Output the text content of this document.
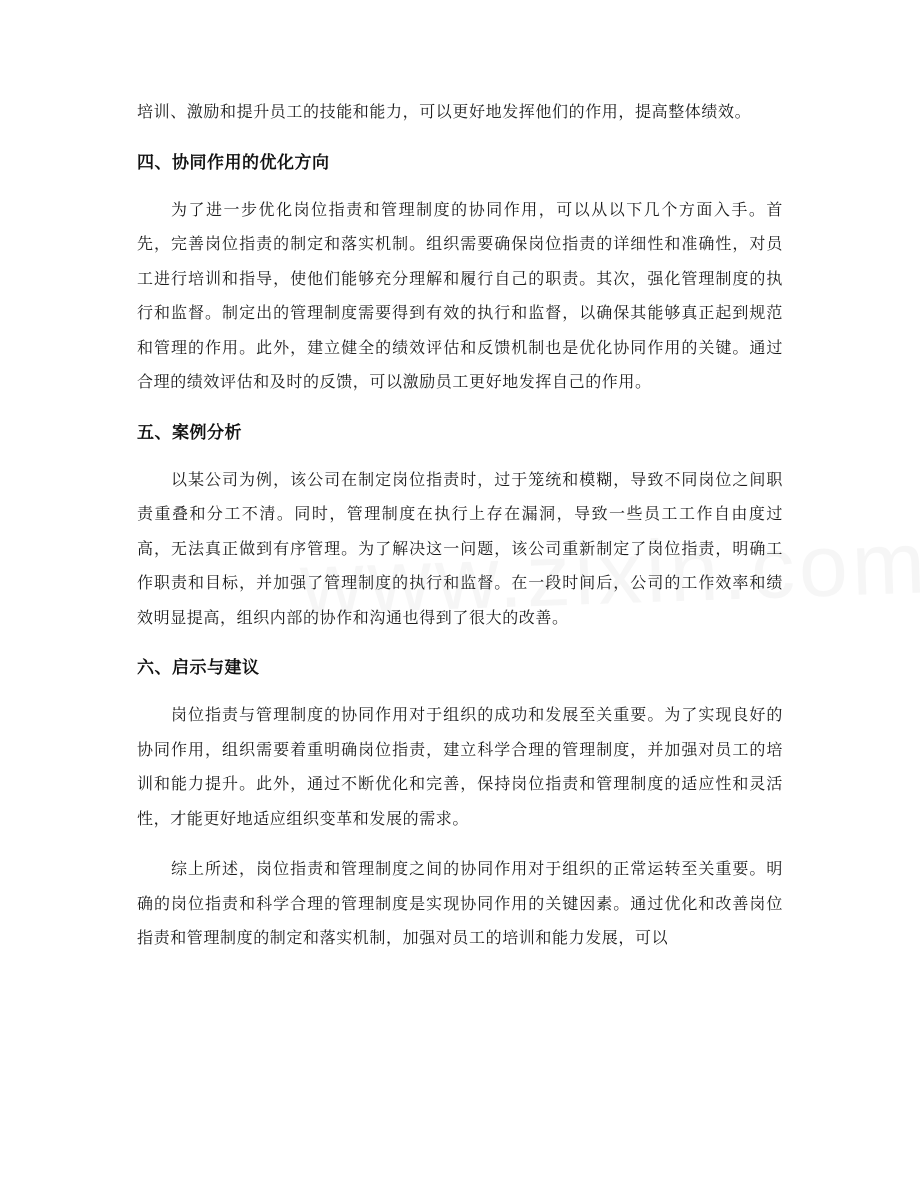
培训、激励和提升员工的技能和能力，可以更好地发挥他们的作用，提高整体绩效。

四、协同作用的优化方向

为了进一步优化岗位指责和管理制度的协同作用，可以从以下几个方面入手。首先，完善岗位指责的制定和落实机制。组织需要确保岗位指责的详细性和准确性，对员工进行培训和指导，使他们能够充分理解和履行自己的职责。其次，强化管理制度的执行和监督。制定出的管理制度需要得到有效的执行和监督，以确保其能够真正起到规范和管理的作用。此外，建立健全的绩效评估和反馈机制也是优化协同作用的关键。通过合理的绩效评估和及时的反馈，可以激励员工更好地发挥自己的作用。

五、案例分析

以某公司为例，该公司在制定岗位指责时，过于笼统和模糊，导致不同岗位之间职责重叠和分工不清。同时，管理制度在执行上存在漏洞，导致一些员工工作自由度过高，无法真正做到有序管理。为了解决这一问题，该公司重新制定了岗位指责，明确工作职责和目标，并加强了管理制度的执行和监督。在一段时间后，公司的工作效率和绩效明显提高，组织内部的协作和沟通也得到了很大的改善。

六、启示与建议

岗位指责与管理制度的协同作用对于组织的成功和发展至关重要。为了实现良好的协同作用，组织需要着重明确岗位指责，建立科学合理的管理制度，并加强对员工的培训和能力提升。此外，通过不断优化和完善，保持岗位指责和管理制度的适应性和灵活性，才能更好地适应组织变革和发展的需求。

综上所述，岗位指责和管理制度之间的协同作用对于组织的正常运转至关重要。明确的岗位指责和科学合理的管理制度是实现协同作用的关键因素。通过优化和改善岗位指责和管理制度的制定和落实机制，加强对员工的培训和能力发展，可以
